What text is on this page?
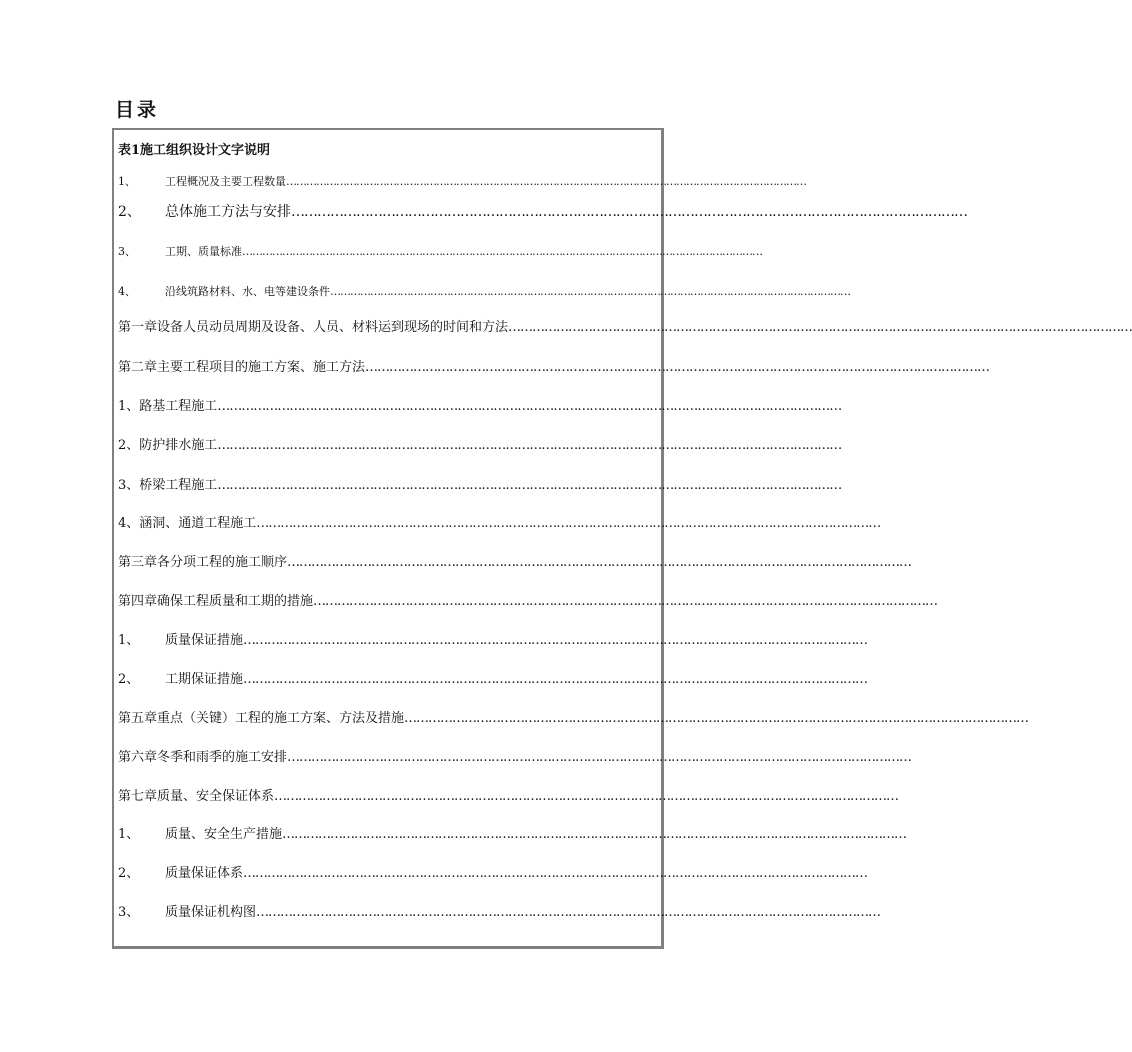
目录
表1施工组织设计文字说明
1、	工程概况及主要工程数量 …………………………………………………………………………………………………………………………………………
2、	总体施工方法与安排 …………………………………………………………………………………………………………………………………………
3、	工期、质量标准 …………………………………………………………………………………………………………………………………………
4、	沿线筑路材料、水、电等建设条件 …………………………………………………………………………………………………………………………………………
第一章设备人员动员周期及设备、人员、材料运到现场的时间和方法 …………………………………………………………………………………………………………………………………………
第二章主要工程项目的施工方案、施工方法 …………………………………………………………………………………………………………………………………………
1、路基工程施工 …………………………………………………………………………………………………………………………………………
2、防护排水施工 …………………………………………………………………………………………………………………………………………
3、桥梁工程施工 …………………………………………………………………………………………………………………………………………
4、涵洞、通道工程施工 …………………………………………………………………………………………………………………………………………
第三章各分项工程的施工顺序 …………………………………………………………………………………………………………………………………………
第四章确保工程质量和工期的措施 …………………………………………………………………………………………………………………………………………
1、	质量保证措施 …………………………………………………………………………………………………………………………………………
2、	工期保证措施 …………………………………………………………………………………………………………………………………………
第五章重点（关键）工程的施工方案、方法及措施 …………………………………………………………………………………………………………………………………………
第六章冬季和雨季的施工安排 …………………………………………………………………………………………………………………………………………
第七章质量、安全保证体系 …………………………………………………………………………………………………………………………………………
1、	质量、安全生产措施 …………………………………………………………………………………………………………………………………………
2、	质量保证体系 …………………………………………………………………………………………………………………………………………
3、	质量保证机构图 …………………………………………………………………………………………………………………………………………
